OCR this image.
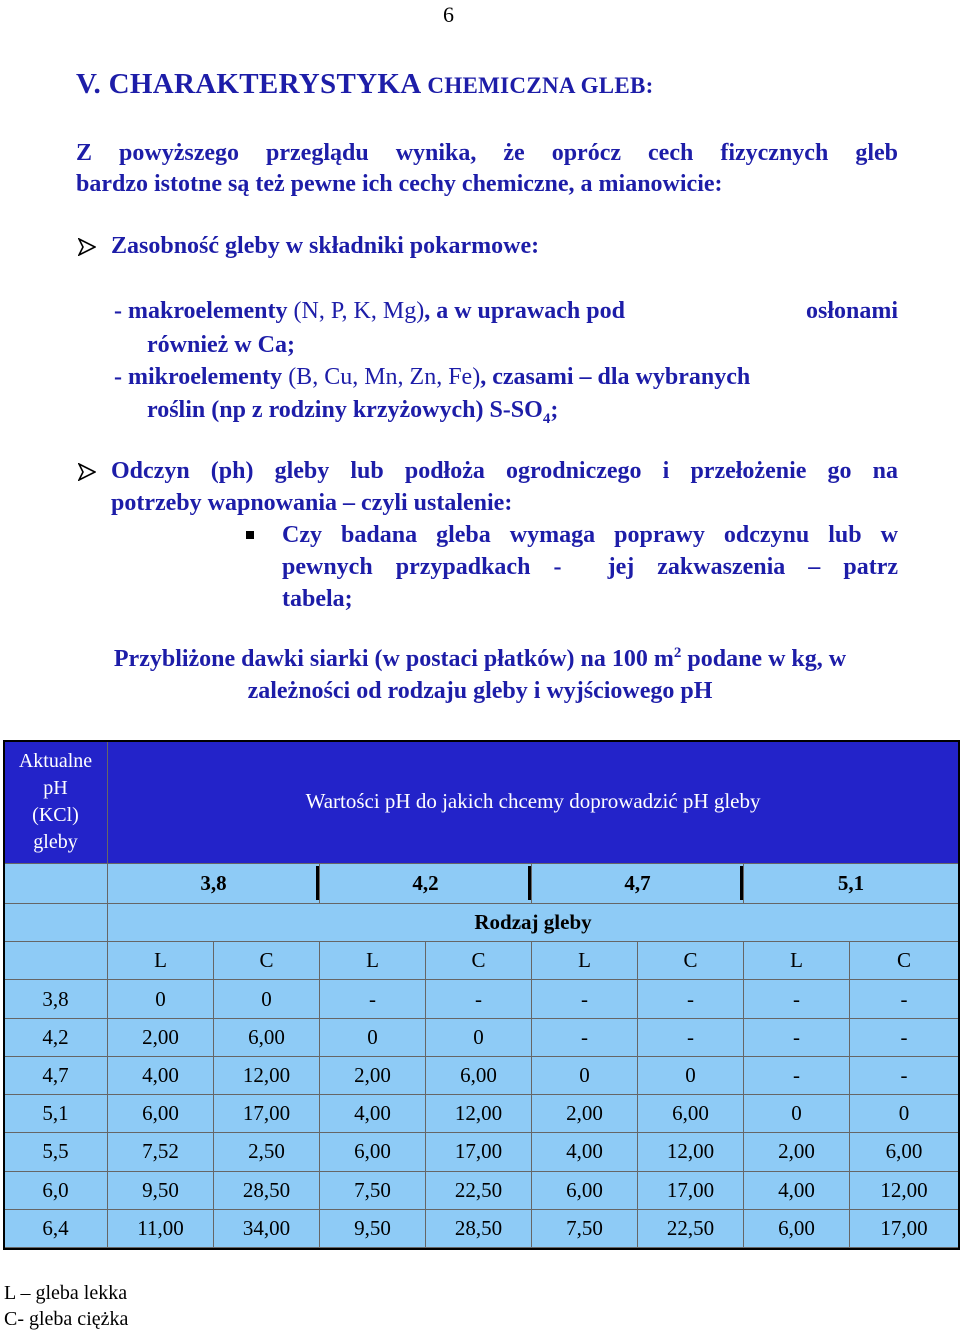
6
V. CHARAKTERYSTYKA CHEMICZNA GLEB:
Z powyższego przeglądu wynika, że oprócz cech fizycznych gleb
bardzo istotne są też pewne ich cechy chemiczne, a mianowicie:
Zasobność gleby w składniki pokarmowe:
- makroelementy (N, P, K, Mg), a w uprawach pod	osłonami
również w Ca;
- mikroelementy (B, Cu, Mn, Zn, Fe), czasami – dla wybranych
roślin (np z rodziny krzyżowych) $S-SO_4$;
Odczyn (ph) gleby lub podłoża ogrodniczego i przełożenie go na
potrzeby wapnowania – czyli ustalenie:
Czy badana gleba wymaga poprawy odczynu lub w
pewnych przypadkach -  jej zakwaszenia – patrz
tabela;
Przybliżone dawki siarki (w postaci płatków) na 100 $m^2$ podane w kg, w
zależności od rodzaju gleby i wyjściowego pH
Aktualne
pH
(KCl)
gleby	Wartości pH do jakich chcemy doprowadzić pH gleby							
	3,8		4,2		4,7		5,1	
	Rodzaj gleby							
	L	C	L	C	L	C	L	C
3,8	0	0	-	-	-	-	-	-
4,2	2,00	6,00	0	0	-	-	-	-
4,7	4,00	12,00	2,00	6,00	0	0	-	-
5,1	6,00	17,00	4,00	12,00	2,00	6,00	0	0
5,5	7,52	2,50	6,00	17,00	4,00	12,00	2,00	6,00
6,0	9,50	28,50	7,50	22,50	6,00	17,00	4,00	12,00
6,4	11,00	34,00	9,50	28,50	7,50	22,50	6,00	17,00
L – gleba lekka
C- gleba ciężka
